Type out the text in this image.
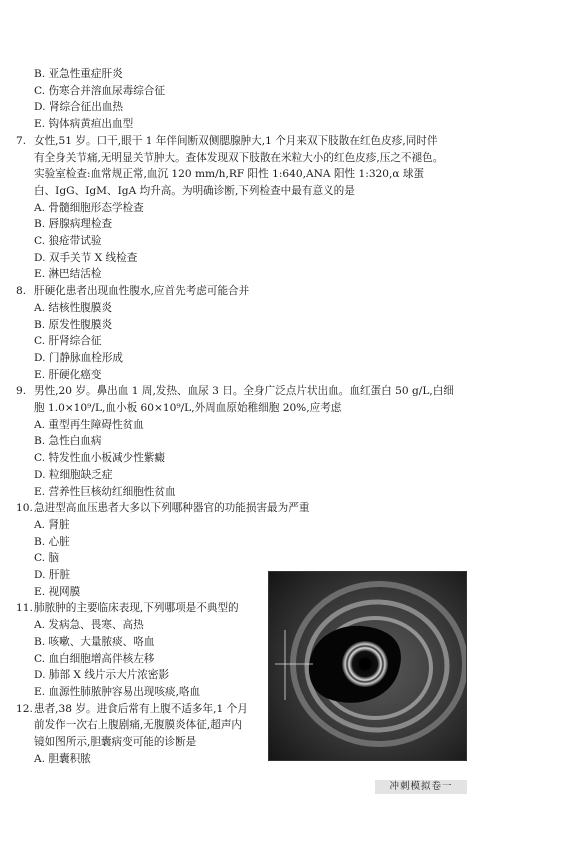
B. 亚急性重症肝炎
C. 伤寒合并溶血尿毒综合征
D. 肾综合征出血热
E. 钩体病黄疸出血型
7. 女性,51 岁。口干,眼干 1 年伴间断双侧腮腺肿大,1 个月来双下肢散在红色皮疹,同时伴
有全身关节痛,无明显关节肿大。查体发现双下肢散在米粒大小的红色皮疹,压之不褪色。
实验室检查:血常规正常,血沉 120 mm/h,RF 阳性 1:640,ANA 阳性 1:320,α 球蛋
白、IgG、IgM、IgA 均升高。为明确诊断,下列检查中最有意义的是
A. 骨髓细胞形态学检查
B. 唇腺病理检查
C. 狼疮带试验
D. 双手关节 X 线检查
E. 淋巴结活检
8. 肝硬化患者出现血性腹水,应首先考虑可能合并
A. 结核性腹膜炎
B. 原发性腹膜炎
C. 肝肾综合征
D. 门静脉血栓形成
E. 肝硬化癌变
9. 男性,20 岁。鼻出血 1 周,发热、血尿 3 日。全身广泛点片状出血。血红蛋白 50 g/L,白细
胞 1.0×10⁹/L,血小板 60×10⁹/L,外周血原始稚细胞 20%,应考虑
A. 重型再生障碍性贫血
B. 急性白血病
C. 特发性血小板减少性紫癜
D. 粒细胞缺乏症
E. 营养性巨核幼红细胞性贫血
10.急进型高血压患者大多以下列哪种器官的功能损害最为严重
A. 肾脏
B. 心脏
C. 脑
D. 肝脏
E. 视网膜
11.肺脓肿的主要临床表现,下列哪项是不典型的
A. 发病急、畏寒、高热
B. 咳嗽、大量脓痰、咯血
C. 血白细胞增高伴核左移
D. 肺部 X 线片示大片浓密影
E. 血源性肺脓肿容易出现咳痰,咯血
12.患者,38 岁。进食后常有上腹不适多年,1 个月
前发作一次右上腹剧痛,无腹膜炎体征,超声内
镜如图所示,胆囊病变可能的诊断是
A. 胆囊积脓
冲刺模拟卷一
